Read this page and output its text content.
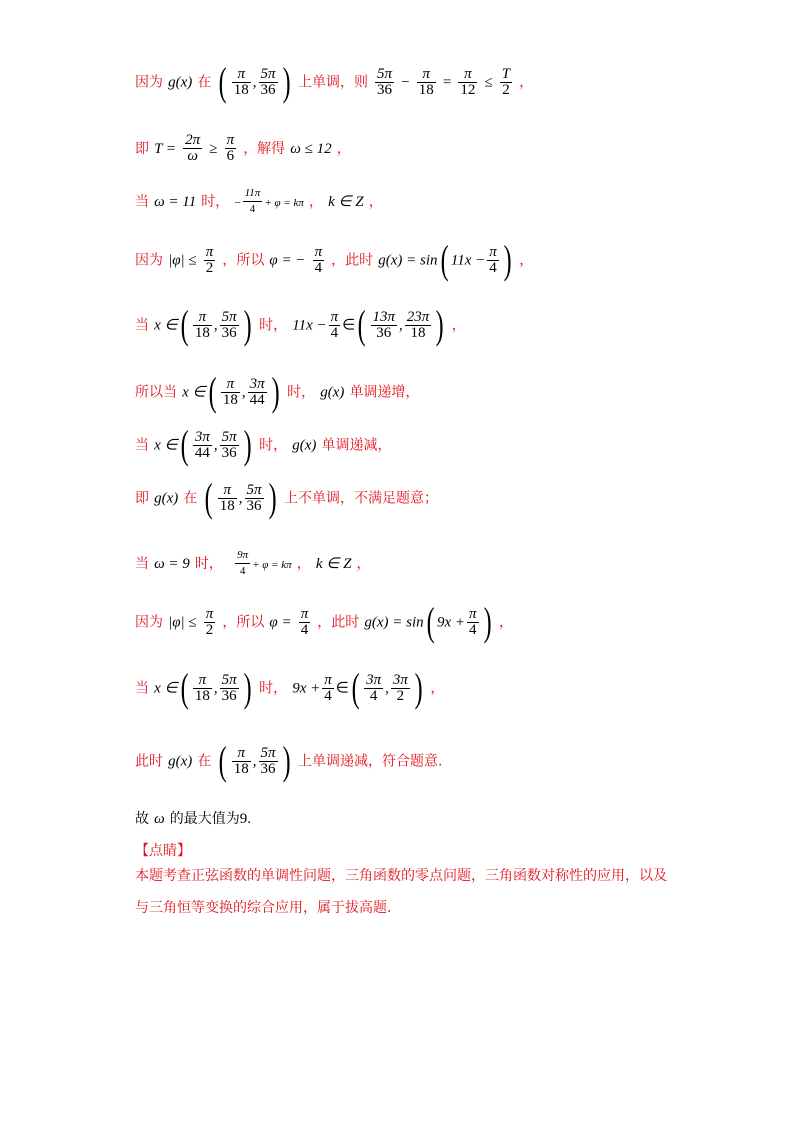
因为 g(x) 在 ( $\frac{\pi}{18}$ , $\frac{5\pi}{36}$ ) 上单调，则 $\frac{5\pi}{36} - \frac{\pi}{18} = \frac{\pi}{12} \le \frac{T}{2}$ ，
即 $T = \frac{2\pi}{\omega} \ge \frac{\pi}{6}$ ，解得 ω ≤ 12 ，
当 ω = 11 时， − $\frac{11\pi}{4} + \varphi = k\pi$ ， k ∈ Z ，
因为 $|\varphi| \le \frac{\pi}{2}$ ，所以 φ = − $\frac{\pi}{4}$ ，此时 g(x) = sin( $11x - \frac{\pi}{4}$ ) ，
当 x ∈( $\frac{\pi}{18}$ , $\frac{5\pi}{36}$ ) 时， $11x - \frac{\pi}{4}$ ∈( $\frac{13\pi}{36}$ , $\frac{23\pi}{18}$ ) ，
所以当 x ∈( $\frac{\pi}{18}$ , $\frac{3\pi}{44}$ ) 时， g(x) 单调递增，
当 x ∈( $\frac{3\pi}{44}$ , $\frac{5\pi}{36}$ ) 时， g(x) 单调递减，
即 g(x) 在 ( $\frac{\pi}{18}$ , $\frac{5\pi}{36}$ ) 上不单调，不满足题意；
当 ω = 9 时， $\frac{9\pi}{4} + \varphi = k\pi$ ， k ∈ Z ，
因为 $|\varphi| \le \frac{\pi}{2}$ ，所以 $\varphi = \frac{\pi}{4}$ ，此时 g(x) = sin( $9x + \frac{\pi}{4}$ ) ，
当 x ∈( $\frac{\pi}{18}$ , $\frac{5\pi}{36}$ ) 时， $9x + \frac{\pi}{4}$ ∈( $\frac{3\pi}{4}$ , $\frac{3\pi}{2}$ ) ，
此时 g(x) 在 ( $\frac{\pi}{18}$ , $\frac{5\pi}{36}$ ) 上单调递减，符合题意.
故 ω 的最大值为9.
【点睛】
本题考查正弦函数的单调性问题，三角函数的零点问题，三角函数对称性的应用，以及与三角恒等变换的综合应用，属于拔高题.
